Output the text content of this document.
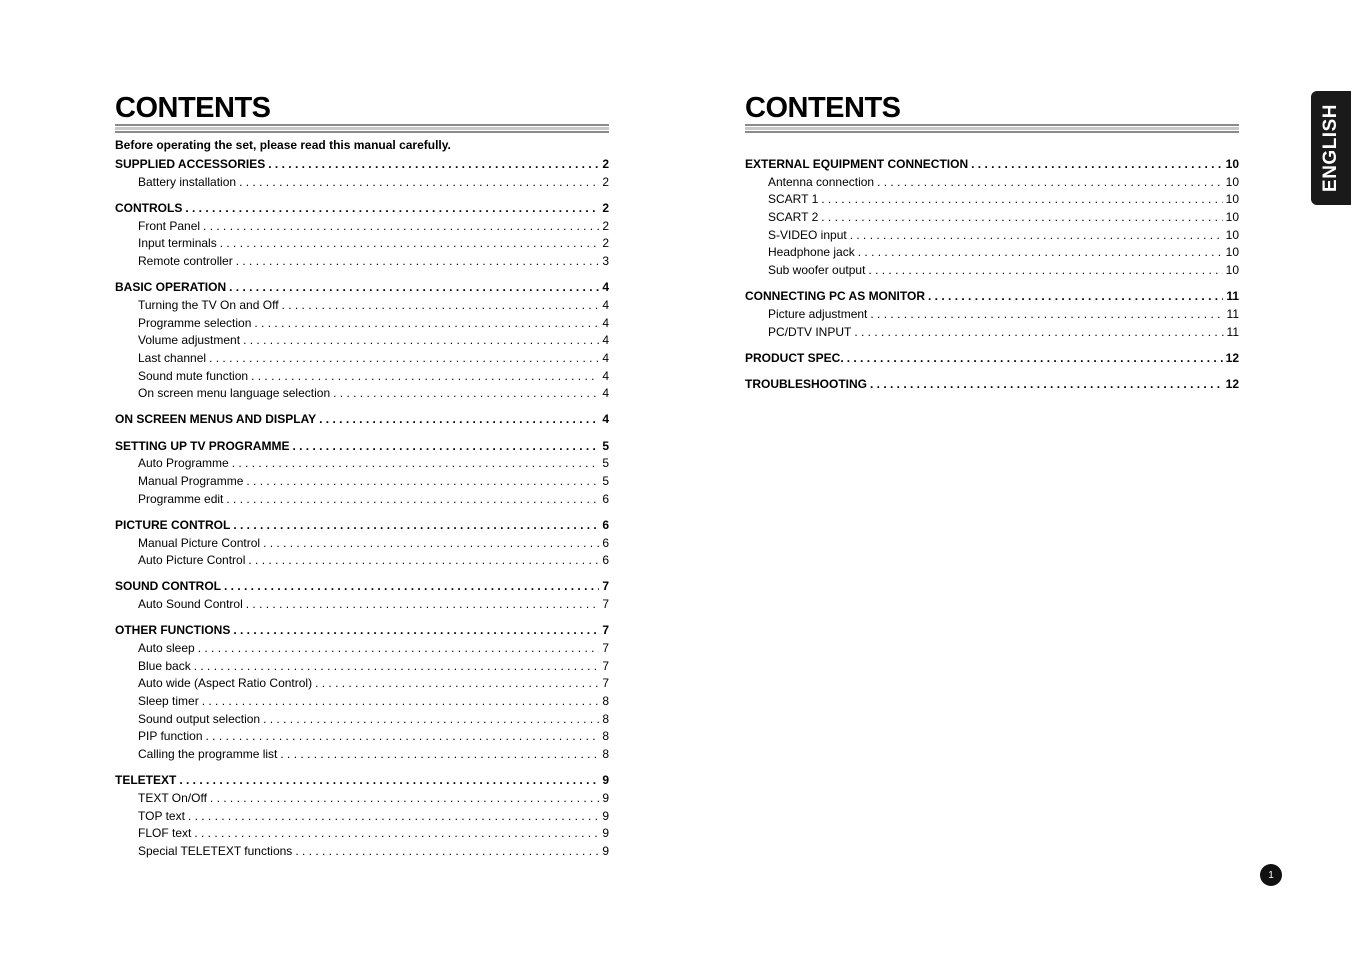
CONTENTS
Before operating the set, please read this manual carefully.
SUPPLIED ACCESSORIES . . .	2
Battery installation . . .	2
CONTROLS . . .	2
Front Panel . . .	2
Input terminals . . .	2
Remote controller . . .	3
BASIC OPERATION . . .	4
Turning the TV On and Off . . .	4
Programme selection . . .	4
Volume adjustment . . .	4
Last channel . . .	4
Sound mute function . . .	4
On screen menu language selection . . .	4
ON SCREEN MENUS AND DISPLAY . . .	4
SETTING UP TV PROGRAMME . . .	5
Auto Programme . . .	5
Manual Programme . . .	5
Programme edit . . .	6
PICTURE CONTROL . . .	6
Manual Picture Control . . .	6
Auto Picture Control . . .	6
SOUND CONTROL . . .	7
Auto Sound Control . . .	7
OTHER FUNCTIONS . . .	7
Auto sleep . . .	7
Blue back . . .	7
Auto wide (Aspect Ratio Control) . . .	7
Sleep timer . . .	8
Sound output selection . . .	8
PIP function . . .	8
Calling the programme list . . .	8
TELETEXT . . .	9
TEXT On/Off . . .	9
TOP text . . .	9
FLOF text . . .	9
Special TELETEXT functions . . .	9
CONTENTS
EXTERNAL EQUIPMENT CONNECTION . . .	10
Antenna connection . . .	10
SCART 1 . . .	10
SCART 2 . . .	10
S-VIDEO input . . .	10
Headphone jack . . .	10
Sub woofer output . . .	10
CONNECTING PC AS MONITOR . . .	11
Picture adjustment . . .	11
PC/DTV INPUT . . .	11
PRODUCT SPEC. . . .	12
TROUBLESHOOTING . . .	12
ENGLISH
1
